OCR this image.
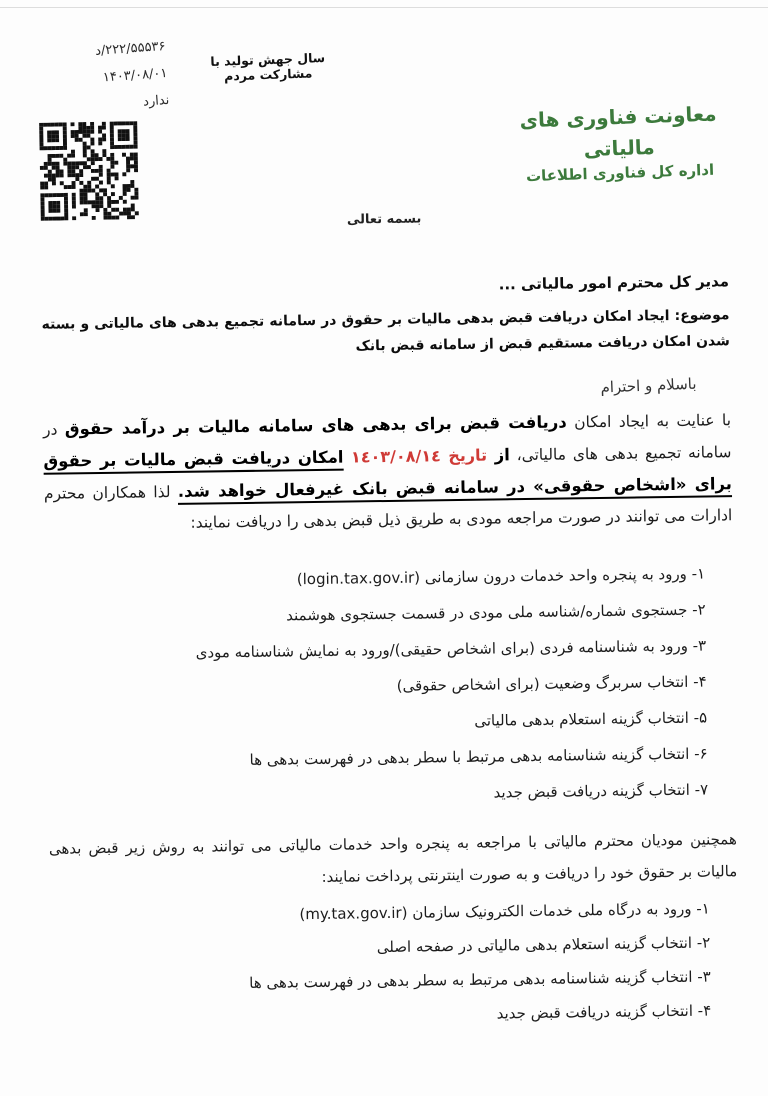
د/۲۲۲/۵۵۵۳۶
۱۴۰۳/۰۸/۰۱
ندارد
سال جهش تولید با مشارکت مردم
معاونت فناوری های مالیاتی
اداره کل فناوری اطلاعات
بسمه تعالی
مدیر کل محترم امور مالیاتی ...
موضوع: ایجاد امکان دریافت قبض بدهی مالیات بر حقوق در سامانه تجمیع بدهی های مالیاتی و بسته شدن امکان دریافت مستقیم قبض از سامانه قبض بانک
باسلام و احترام

با عنایت به ایجاد امکان دریافت قبض برای بدهی های سامانه مالیات بر درآمد حقوق در سامانه تجمیع بدهی های مالیاتی، از تاریخ ١٤٠٣/٠٨/١٤ امکان دریافت قبض مالیات بر حقوق برای «اشخاص حقوقی» در سامانه قبض بانک غیرفعال خواهد شد. لذا همکاران محترم ادارات می توانند در صورت مراجعه مودی به طریق ذیل قبض بدهی را دریافت نمایند:

۱- ورود به پنجره واحد خدمات درون سازمانی (login.tax.gov.ir)
۲- جستجوی شماره/شناسه ملی مودی در قسمت جستجوی هوشمند
۳- ورود به شناسنامه فردی (برای اشخاص حقیقی)/ورود به نمایش شناسنامه مودی
۴- انتخاب سربرگ وضعیت (برای اشخاص حقوقی)
۵- انتخاب گزینه استعلام بدهی مالیاتی
۶- انتخاب گزینه شناسنامه بدهی مرتبط با سطر بدهی در فهرست بدهی ها
۷- انتخاب گزینه دریافت قبض جدید

همچنین مودیان محترم مالیاتی با مراجعه به پنجره واحد خدمات مالیاتی می توانند به روش زیر قبض بدهی مالیات بر حقوق خود را دریافت و به صورت اینترنتی پرداخت نمایند:

۱- ورود به درگاه ملی خدمات الکترونیک سازمان (my.tax.gov.ir)
۲- انتخاب گزینه استعلام بدهی مالیاتی در صفحه اصلی
۳- انتخاب گزینه شناسنامه بدهی مرتبط به سطر بدهی در فهرست بدهی ها
۴- انتخاب گزینه دریافت قبض جدید
